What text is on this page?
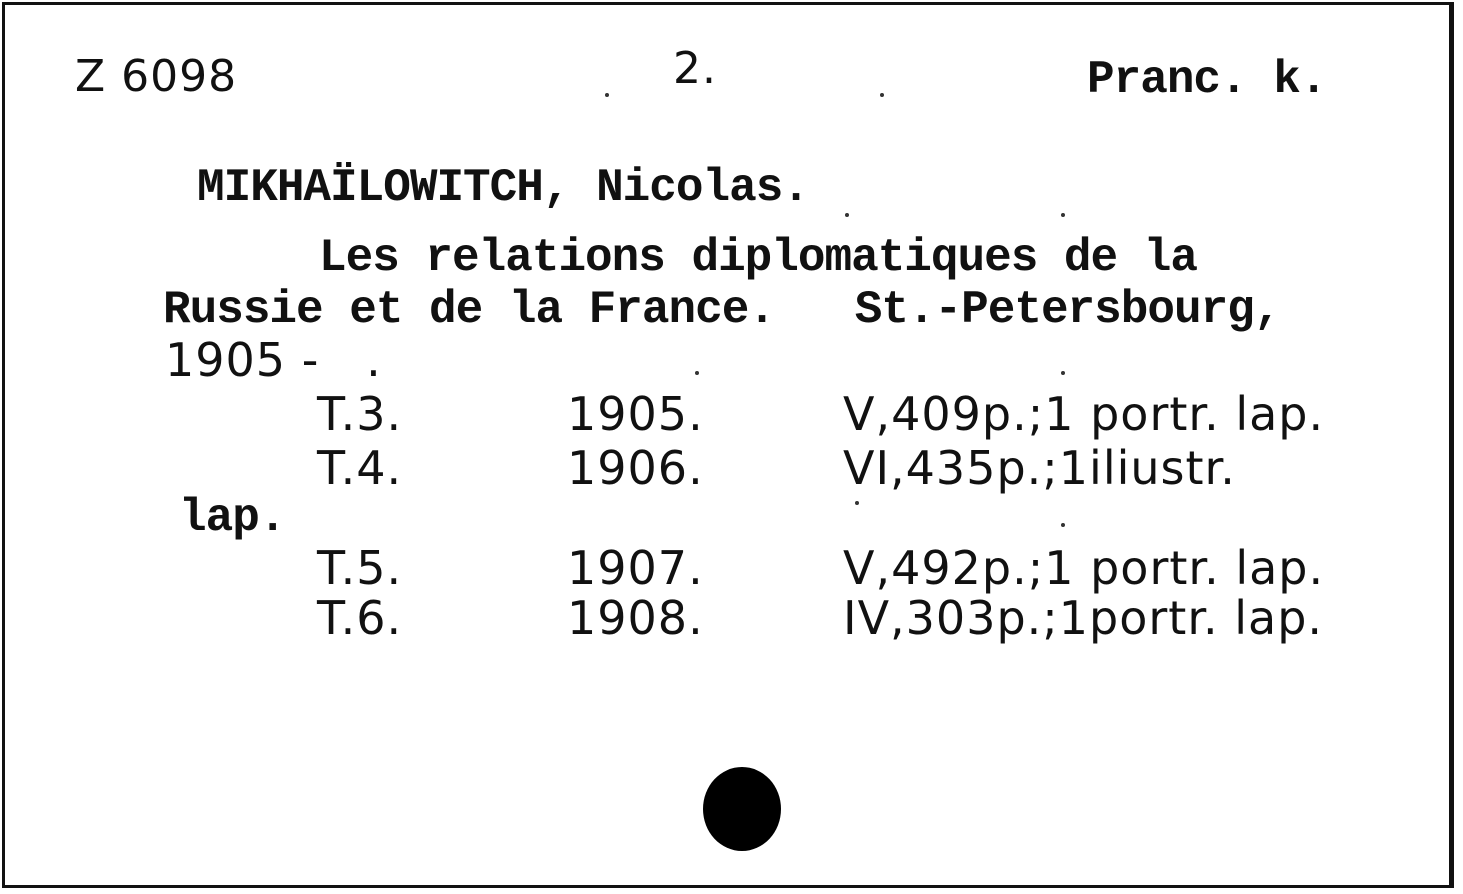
Z 6098	2.	Pranc. k.
MIKHAÏLOWITCH, Nicolas.
Les relations diplomatiques de la
Russie et de la France.   St.-Petersbourg,
1905 -   .
T.3.	1905.	V,409p.;1 portr. lap.
T.4.	1906.	VI,435p.;1iliustr.
lap.
T.5.	1907.	V,492p.;1 portr. lap.
T.6.	1908.	IV,303p.;1portr. lap.
